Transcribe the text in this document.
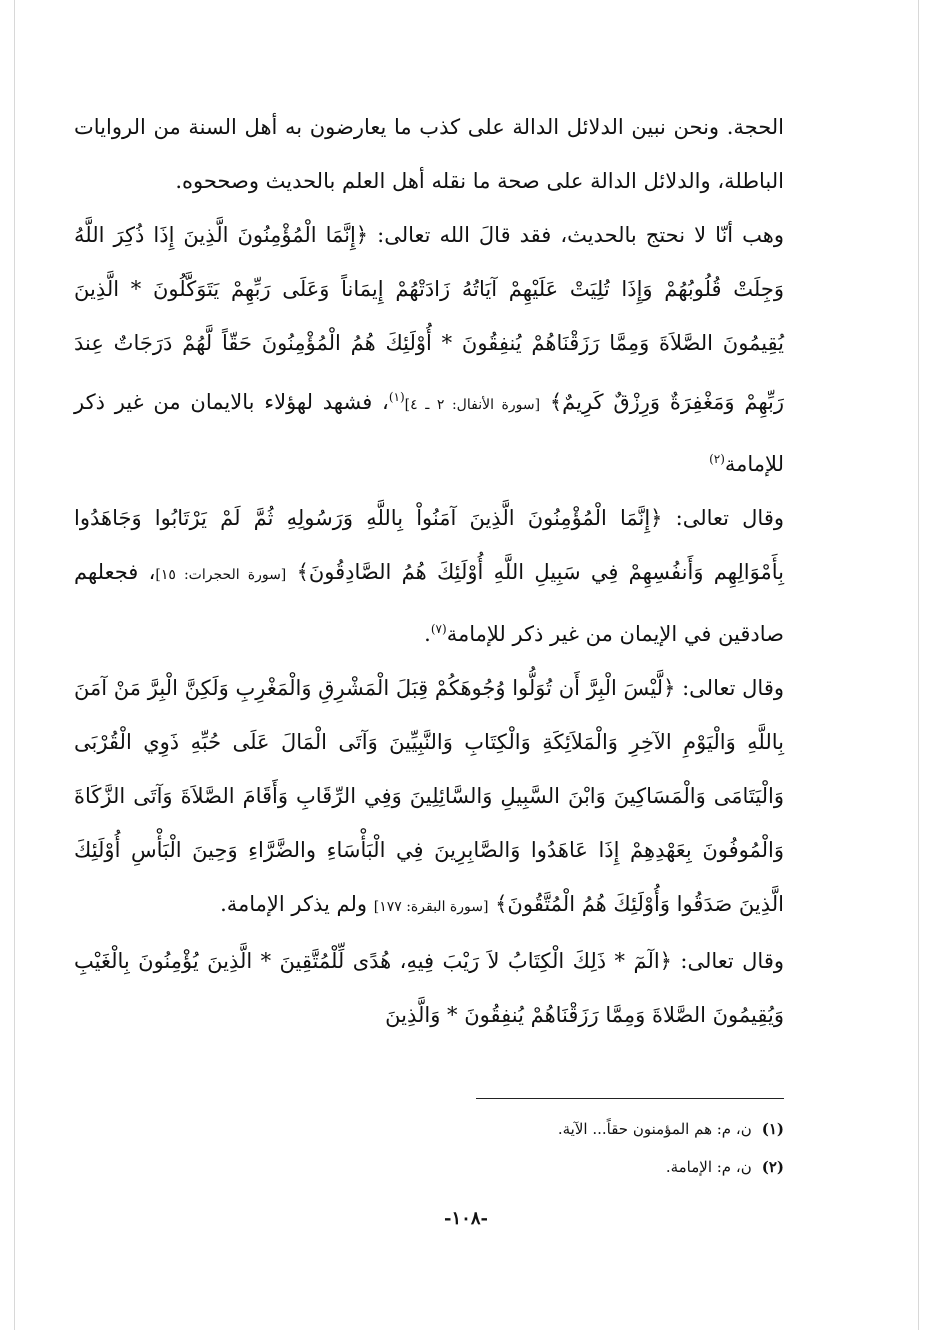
الحجة. ونحن نبين الدلائل الدالة على كذب ما يعارضون به أهل السنة من الروايات الباطلة، والدلائل الدالة على صحة ما نقله أهل العلم بالحديث وصححوه.

وهب أنّا لا نحتج بالحديث، فقد قالَ الله تعالى: ﴿إِنَّمَا الْمُؤْمِنُونَ الَّذِينَ إِذَا ذُكِرَ اللَّهُ وَجِلَتْ قُلُوبُهُمْ وَإِذَا تُلِيَتْ عَلَيْهِمْ آيَاتُهُ زَادَتْهُمْ إِيمَاناً وَعَلَى رَبِّهِمْ يَتَوَكَّلُونَ * الَّذِينَ يُقِيمُونَ الصَّلاَةَ وَمِمَّا رَزَقْنَاهُمْ يُنفِقُونَ * أُوْلَئِكَ هُمُ الْمُؤْمِنُونَ حَقّاً لَّهُمْ دَرَجَاتٌ عِندَ رَبِّهِمْ وَمَغْفِرَةٌ وَرِزْقٌ كَرِيمٌ﴾ [سورة الأنفال: ٢ ـ ٤]$^{(١)}$، فشهد لهؤلاء بالايمان من غير ذكر للإمامة$^{(٢)}$

وقال تعالى: ﴿إِنَّمَا الْمُؤْمِنُونَ الَّذِينَ آمَنُواْ بِاللَّهِ وَرَسُولِهِ ثُمَّ لَمْ يَرْتَابُوا وَجَاهَدُوا بِأَمْوَالِهِم وَأَنفُسِهِمْ فِي سَبِيلِ اللَّهِ أُوْلَئِكَ هُمُ الصَّادِقُونَ﴾ [سورة الحجرات: ١٥]، فجعلهم صادقين في الإيمان من غير ذكر للإمامة$^{(٧)}$.

وقال تعالى: ﴿لَّيْسَ الْبِرَّ أَن تُوَلُّوا وُجُوهَكُمْ قِبَلَ الْمَشْرِقِ وَالْمَغْرِبِ وَلَكِنَّ الْبِرَّ مَنْ آمَنَ بِاللَّهِ وَالْيَوْمِ الآخِرِ وَالْمَلاَئِكَةِ وَالْكِتَابِ وَالنَّبِيِّينَ وَآتَى الْمَالَ عَلَى حُبِّهِ ذَوِي الْقُرْبَى وَالْيَتَامَى وَالْمَسَاكِينَ وَابْنَ السَّبِيلِ وَالسَّائِلِينَ وَفِي الرِّقَابِ وَأَقَامَ الصَّلاَةَ وَآتَى الزَّكَاةَ وَالْمُوفُونَ بِعَهْدِهِمْ إِذَا عَاهَدُوا وَالصَّابِرِينَ فِي الْبَأْسَاءِ والضَّرَّاءِ وَحِينَ الْبَأْسِ أُوْلَئِكَ الَّذِينَ صَدَقُوا وَأُوْلَئِكَ هُمُ الْمُتَّقُونَ﴾ [سورة البقرة: ١٧٧] ولم يذكر الإمامة.

وقال تعالى: ﴿الٓمٓ * ذَلِكَ الْكِتَابُ لاَ رَيْبَ فِيهِ، هُدًى لِّلْمُتَّقِينَ * الَّذِينَ يُؤْمِنُونَ بِالْغَيْبِ وَيُقِيمُونَ الصَّلاةَ وَمِمَّا رَزَقْنَاهُمْ يُنفِقُونَ * وَالَّذِينَ

(١)ن، م: هم المؤمنون حقاً... الآية.

(٢)ن، م: الإمامة.

-١٠٨-
